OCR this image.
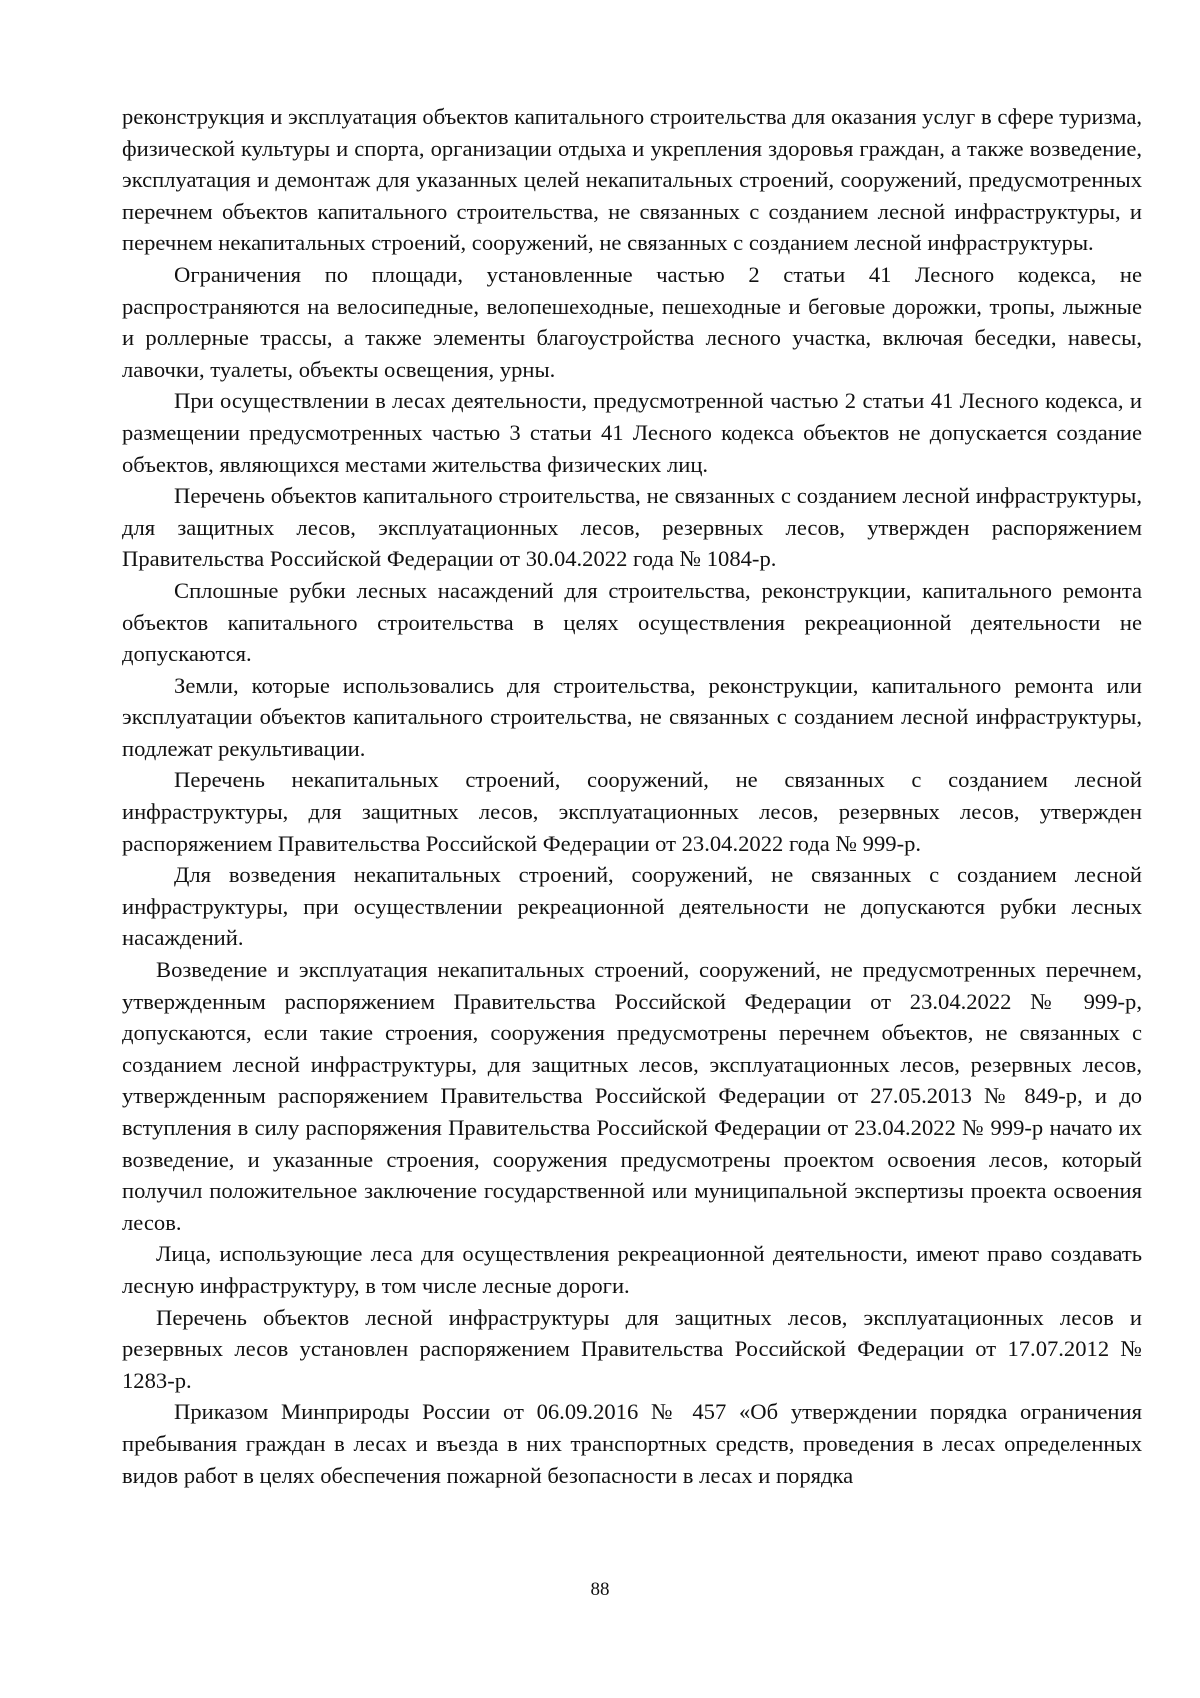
реконструкция и эксплуатация объектов капитального строительства для оказания услуг в сфере туризма, физической культуры и спорта, организации отдыха и укрепления здоровья граждан, а также возведение, эксплуатация и демонтаж для указанных целей некапитальных строений, сооружений, предусмотренных перечнем объектов капитального строительства, не связанных с созданием лесной инфраструктуры, и перечнем некапитальных строений, сооружений, не связанных с созданием лесной инфраструктуры.

Ограничения по площади, установленные частью 2 статьи 41 Лесного кодекса, не распространяются на велосипедные, велопешеходные, пешеходные и беговые дорожки, тропы, лыжные и роллерные трассы, а также элементы благоустройства лесного участка, включая беседки, навесы, лавочки, туалеты, объекты освещения, урны.

При осуществлении в лесах деятельности, предусмотренной частью 2 статьи 41 Лесного кодекса, и размещении предусмотренных частью 3 статьи 41 Лесного кодекса объектов не допускается создание объектов, являющихся местами жительства физических лиц.

Перечень объектов капитального строительства, не связанных с созданием лесной инфраструктуры, для защитных лесов, эксплуатационных лесов, резервных лесов, утвержден распоряжением Правительства Российской Федерации от 30.04.2022 года № 1084-р.

Сплошные рубки лесных насаждений для строительства, реконструкции, капитального ремонта объектов капитального строительства в целях осуществления рекреационной деятельности не допускаются.

Земли, которые использовались для строительства, реконструкции, капитального ремонта или эксплуатации объектов капитального строительства, не связанных с созданием лесной инфраструктуры, подлежат рекультивации.

Перечень некапитальных строений, сооружений, не связанных с созданием лесной инфраструктуры, для защитных лесов, эксплуатационных лесов, резервных лесов, утвержден распоряжением Правительства Российской Федерации от 23.04.2022 года № 999-р.

Для возведения некапитальных строений, сооружений, не связанных с созданием лесной инфраструктуры, при осуществлении рекреационной деятельности не допускаются рубки лесных насаждений.

Возведение и эксплуатация некапитальных строений, сооружений, не предусмотренных перечнем, утвержденным распоряжением Правительства Российской Федерации от 23.04.2022 № 999-р, допускаются, если такие строения, сооружения предусмотрены перечнем объектов, не связанных с созданием лесной инфраструктуры, для защитных лесов, эксплуатационных лесов, резервных лесов, утвержденным распоряжением Правительства Российской Федерации от 27.05.2013 № 849-р, и до вступления в силу распоряжения Правительства Российской Федерации от 23.04.2022 № 999-р начато их возведение, и указанные строения, сооружения предусмотрены проектом освоения лесов, который получил положительное заключение государственной или муниципальной экспертизы проекта освоения лесов.

Лица, использующие леса для осуществления рекреационной деятельности, имеют право создавать лесную инфраструктуру, в том числе лесные дороги.

Перечень объектов лесной инфраструктуры для защитных лесов, эксплуатационных лесов и резервных лесов установлен распоряжением Правительства Российской Федерации от 17.07.2012 № 1283-р.

Приказом Минприроды России от 06.09.2016 № 457 «Об утверждении порядка ограничения пребывания граждан в лесах и въезда в них транспортных средств, проведения в лесах определенных видов работ в целях обеспечения пожарной безопасности в лесах и порядка

88
